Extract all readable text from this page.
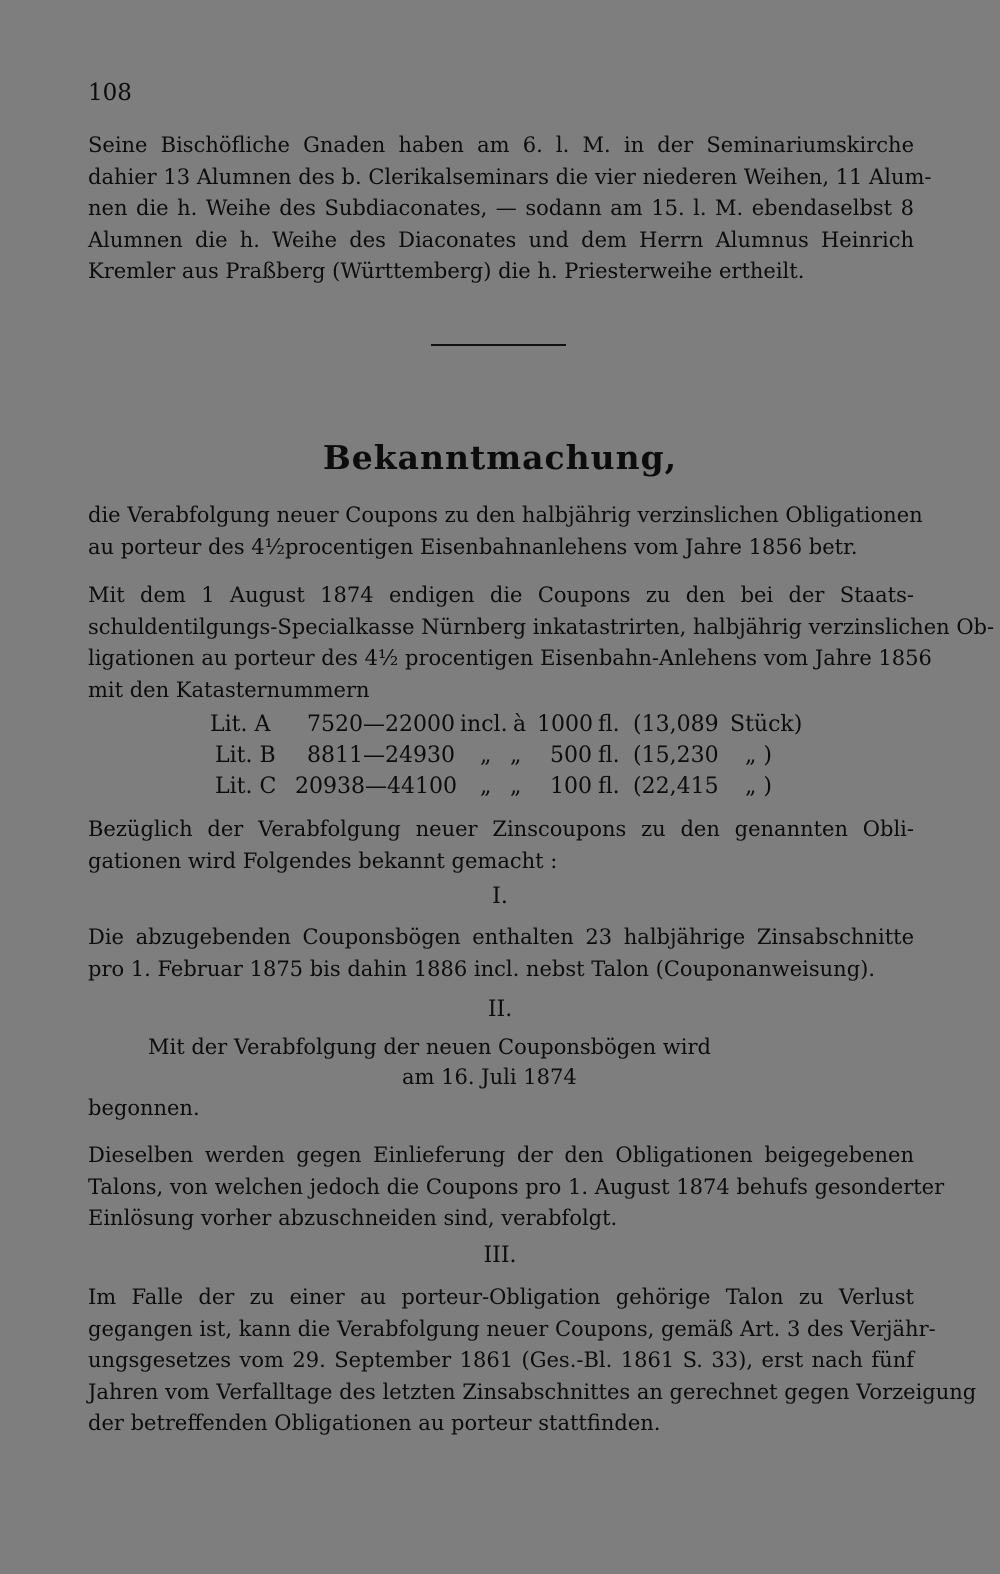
108
Seine Bischöfliche Gnaden haben am 6. l. M. in der Seminariumskirche
dahier 13 Alumnen des b. Clerikalseminars die vier niederen Weihen, 11 Alum-
nen die h. Weihe des Subdiaconates, — sodann am 15. l. M. ebendaselbst 8
Alumnen die h. Weihe des Diaconates und dem Herrn Alumnus Heinrich
Kremler aus Praßberg (Württemberg) die h. Priesterweihe ertheilt.
Bekanntmachung,
die Verabfolgung neuer Coupons zu den halbjährig verzinslichen Obligationen
au porteur des 4½procentigen Eisenbahnanlehens vom Jahre 1856 betr.
Mit dem 1 August 1874 endigen die Coupons zu den bei der Staats-
schuldentilgungs-Specialkasse Nürnberg inkatastrirten, halbjährig verzinslichen Ob-
ligationen au porteur des 4½ procentigen Eisenbahn-Anlehens vom Jahre 1856
mit den Katasternummern
Lit. A 7520—22000 incl. à 1000 fl. (13,089 Stück)
Lit. B 8811—24930 „ „ 500 fl. (15,230 „ )
Lit. C 20938—44100 „ „ 100 fl. (22,415 „ )
Bezüglich der Verabfolgung neuer Zinscoupons zu den genannten Obli-
gationen wird Folgendes bekannt gemacht :
I.
Die abzugebenden Couponsbögen enthalten 23 halbjährige Zinsabschnitte
pro 1. Februar 1875 bis dahin 1886 incl. nebst Talon (Couponanweisung).
II.
Mit der Verabfolgung der neuen Couponsbögen wird
am 16. Juli 1874
begonnen.
Dieselben werden gegen Einlieferung der den Obligationen beigegebenen
Talons, von welchen jedoch die Coupons pro 1. August 1874 behufs gesonderter
Einlösung vorher abzuschneiden sind, verabfolgt.
III.
Im Falle der zu einer au porteur-Obligation gehörige Talon zu Verlust
gegangen ist, kann die Verabfolgung neuer Coupons, gemäß Art. 3 des Verjähr-
ungsgesetzes vom 29. September 1861 (Ges.-Bl. 1861 S. 33), erst nach fünf
Jahren vom Verfalltage des letzten Zinsabschnittes an gerechnet gegen Vorzeigung
der betreffenden Obligationen au porteur stattfinden.
